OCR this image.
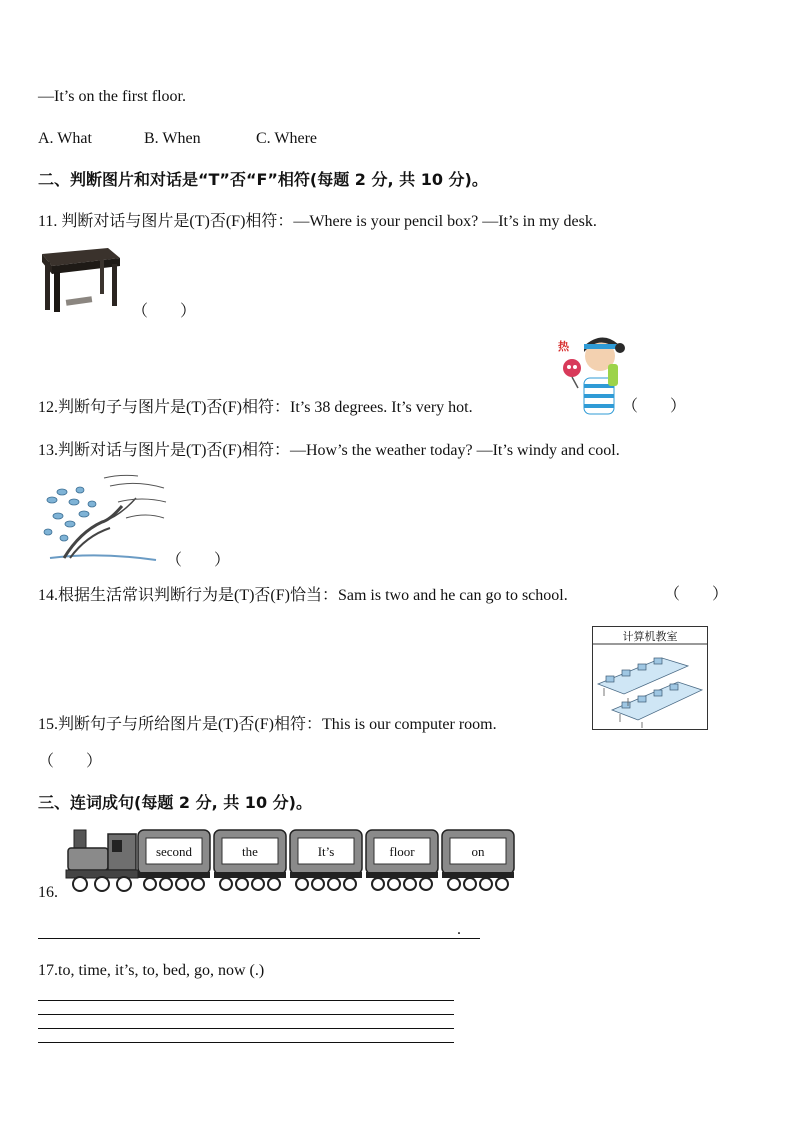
—It’s on the first floor.
A. What	B. When	C. Where
二、判断图片和对话是“T”否“F”相符(每题 2 分, 共 10 分)。
11. 判断对话与图片是(T)否(F)相符：—Where is your pencil box? —It’s in my desk.
（        ）
热
12.判断句子与图片是(T)否(F)相符：It’s 38 degrees. It’s very hot.	（        ）
13.判断对话与图片是(T)否(F)相符：—How’s the weather today? —It’s windy and cool.
（        ）
14.根据生活常识判断行为是(T)否(F)恰当：Sam is two and he can go to school.	（        ）
计算机教室
15.判断句子与所给图片是(T)否(F)相符：This is our computer room.
（        ）
三、连词成句(每题 2 分, 共 10 分)。
16.
second	the	It’s	floor	on
.
17.to, time, it’s, to, bed, go, now (.)
